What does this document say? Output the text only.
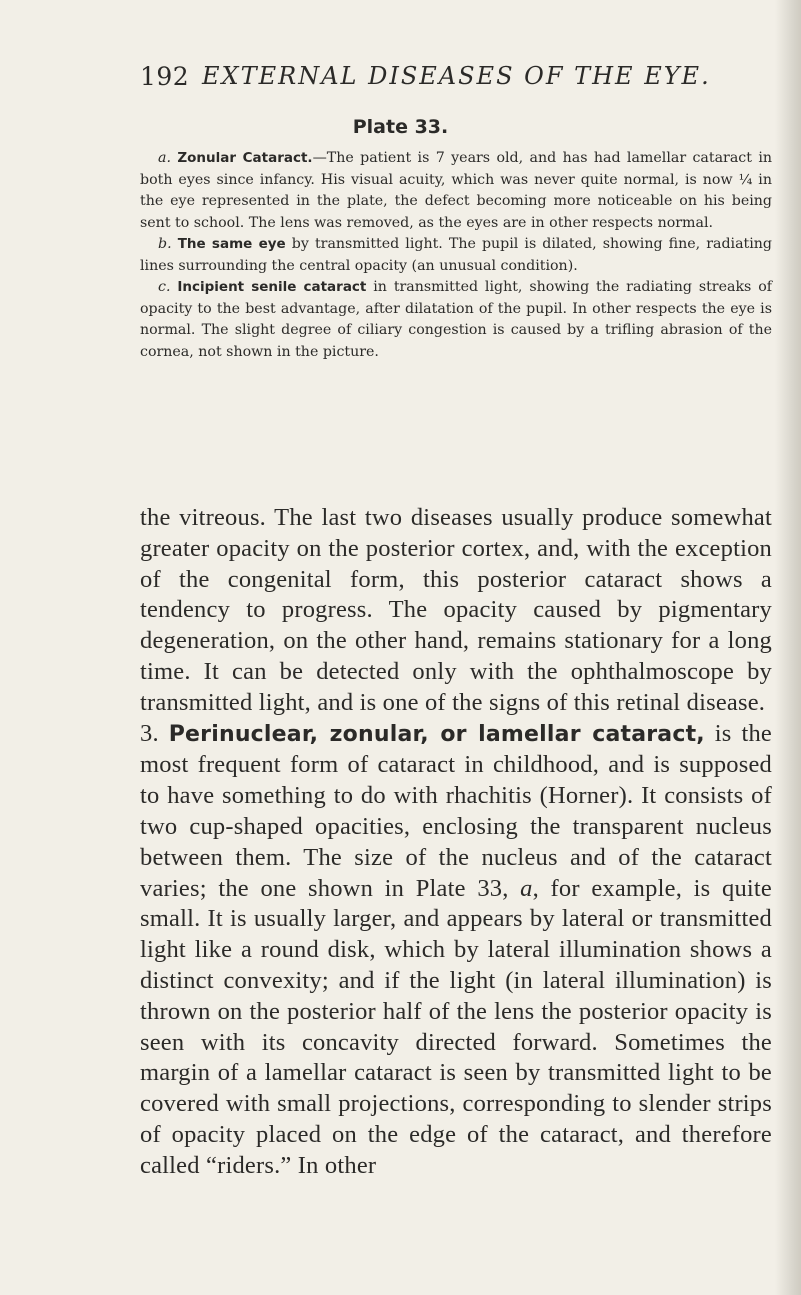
192 EXTERNAL DISEASES OF THE EYE.
Plate 33.

a. Zonular Cataract.—The patient is 7 years old, and has had lamellar cataract in both eyes since infancy. His visual acuity, which was never quite normal, is now ¼ in the eye represented in the plate, the defect becoming more noticeable on his being sent to school. The lens was removed, as the eyes are in other respects normal.

b. The same eye by transmitted light. The pupil is dilated, showing fine, radiating lines surrounding the central opacity (an unusual condition).

c. Incipient senile cataract in transmitted light, showing the radiating streaks of opacity to the best advantage, after dilatation of the pupil. In other respects the eye is normal. The slight degree of ciliary congestion is caused by a trifling abrasion of the cornea, not shown in the picture.

the vitreous. The last two diseases usually produce somewhat greater opacity on the posterior cortex, and, with the exception of the congenital form, this posterior cataract shows a tendency to progress. The opacity caused by pigmentary degeneration, on the other hand, remains stationary for a long time. It can be detected only with the ophthalmoscope by transmitted light, and is one of the signs of this retinal disease.

3. Perinuclear, zonular, or lamellar cataract, is the most frequent form of cataract in childhood, and is supposed to have something to do with rhachitis (Horner). It consists of two cup-shaped opacities, enclosing the transparent nucleus between them. The size of the nucleus and of the cataract varies; the one shown in Plate 33, a, for example, is quite small. It is usually larger, and appears by lateral or transmitted light like a round disk, which by lateral illumination shows a distinct convexity; and if the light (in lateral illumination) is thrown on the posterior half of the lens the posterior opacity is seen with its concavity directed forward. Sometimes the margin of a lamellar cataract is seen by transmitted light to be covered with small projections, corresponding to slender strips of opacity placed on the edge of the cataract, and therefore called “riders.” In other
